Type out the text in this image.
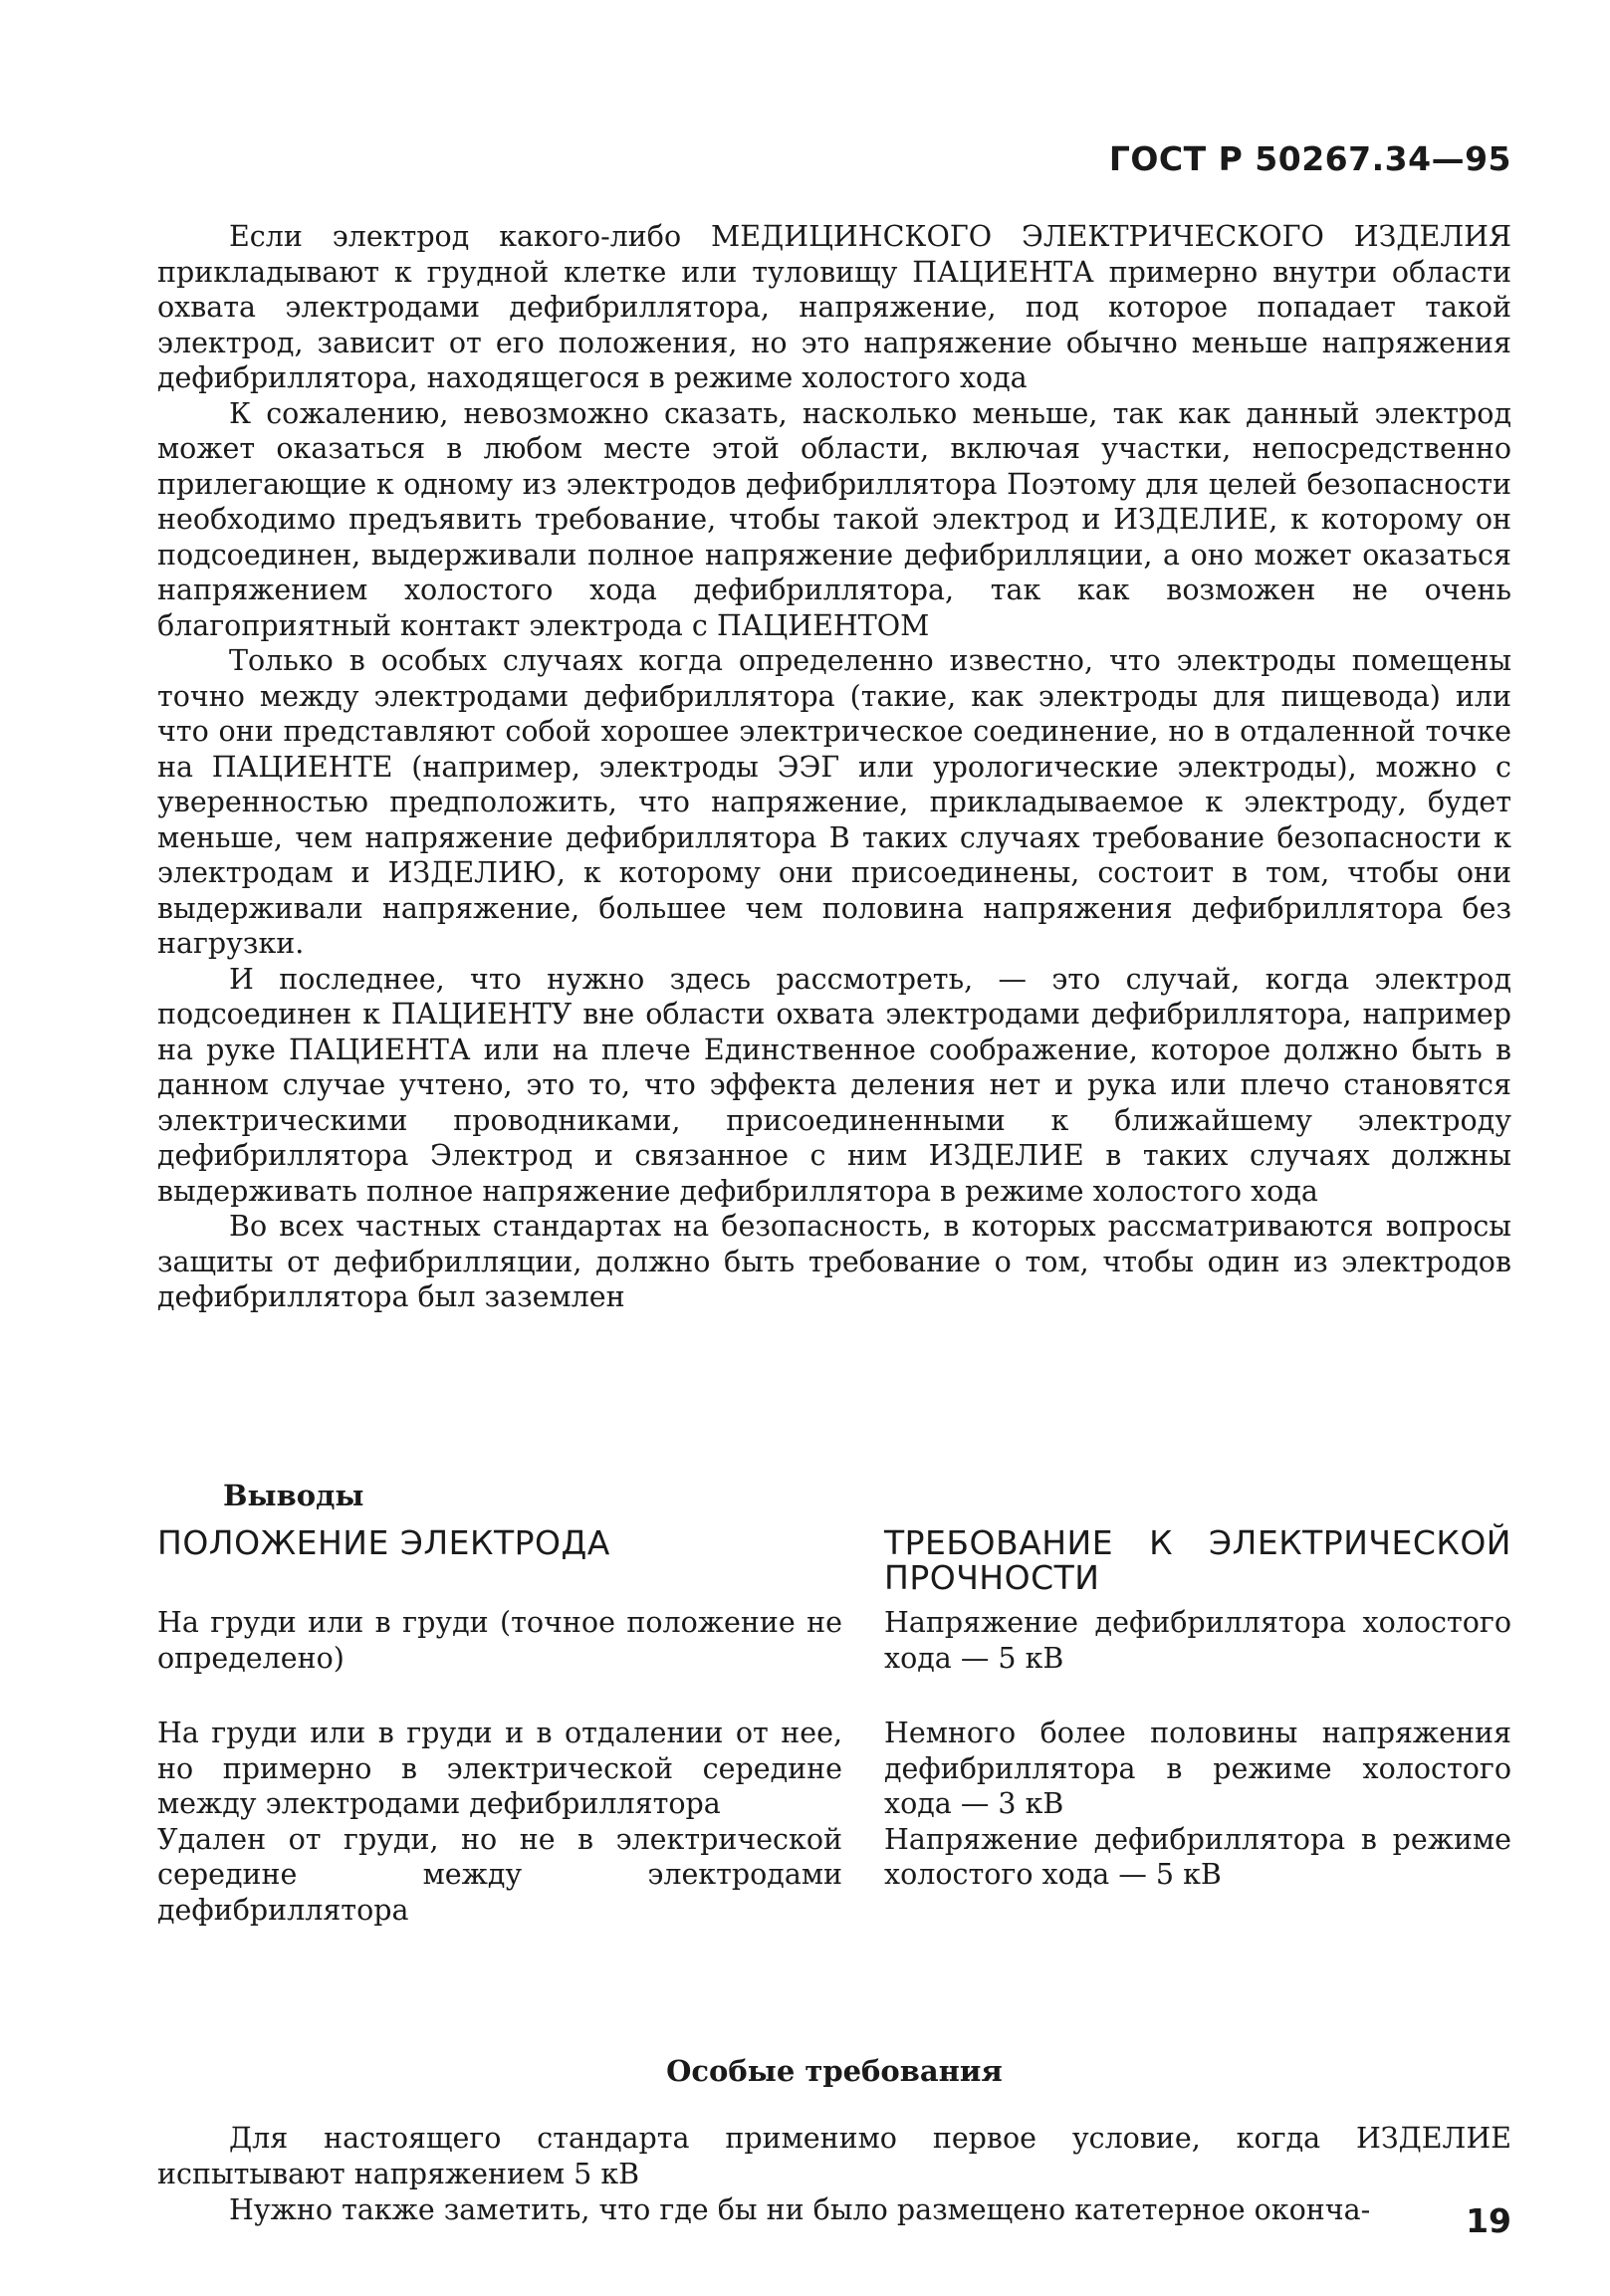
ГОСТ Р 50267.34—95

Если электрод какого-либо МЕДИЦИНСКОГО ЭЛЕКТРИЧЕСКОГО ИЗДЕЛИЯ прикладывают к грудной клетке или туловищу ПАЦИЕНТА примерно внутри области охвата электродами дефибриллятора, напряжение, под которое попадает такой электрод, зависит от его положения, но это напряжение обычно меньше напряжения дефибриллятора, находящегося в режиме холостого хода

К сожалению, невозможно сказать, насколько меньше, так как данный электрод может оказаться в любом месте этой области, включая участки, непосредственно прилегающие к одному из электродов дефибриллятора Поэтому для целей безопасности необходимо предъявить требование, чтобы такой электрод и ИЗДЕЛИЕ, к которому он подсоединен, выдерживали полное напряжение дефибрилляции, а оно может оказаться напряжением холостого хода дефибриллятора, так как возможен не очень благоприятный контакт электрода с ПАЦИЕНТОМ

Только в особых случаях когда определенно известно, что электроды помещены точно между электродами дефибриллятора (такие, как электроды для пищевода) или что они представляют собой хорошее электрическое соединение, но в отдаленной точке на ПАЦИЕНТЕ (например, электроды ЭЭГ или урологические электроды), можно с уверенностью предположить, что напряжение, прикладываемое к электроду, будет меньше, чем напряжение дефибриллятора В таких случаях требование безопасности к электродам и ИЗДЕЛИЮ, к которому они присоединены, состоит в том, чтобы они выдерживали напряжение, большее чем половина напряжения дефибриллятора без нагрузки.

И последнее, что нужно здесь рассмотреть, — это случай, когда электрод подсоединен к ПАЦИЕНТУ вне области охвата электродами дефибриллятора, например на руке ПАЦИЕНТА или на плече Единственное соображение, которое должно быть в данном случае учтено, это то, что эффекта деления нет и рука или плечо становятся электрическими проводниками, присоединенными к ближайшему электроду дефибриллятора Электрод и связанное с ним ИЗДЕЛИЕ в таких случаях должны выдерживать полное напряжение дефибриллятора в режиме холостого хода

Во всех частных стандартах на безопасность, в которых рассматриваются вопросы защиты от дефибрилляции, должно быть требование о том, чтобы один из электродов дефибриллятора был заземлен

Выводы
ПОЛОЖЕНИЕ ЭЛЕКТРОДА	ТРЕБОВАНИЕ К ЭЛЕКТРИЧЕСКОЙ ПРОЧНОСТИ
На груди или в груди (точное положение не определено)
Напряжение дефибриллятора холостого хода — 5 кВ
На груди или в груди и в отдалении от нее, но примерно в электрической середине между электродами дефибриллятора
Немного более половины напряжения дефибриллятора в режиме холостого хода — 3 кВ
Удален от груди, но не в электрической середине между электродами дефибриллятора
Напряжение дефибриллятора в режиме холостого хода — 5 кВ
Особые требования

Для настоящего стандарта применимо первое условие, когда ИЗДЕЛИЕ испытывают напряжением 5 кВ

Нужно также заметить, что где бы ни было размещено катетерное оконча-	19
